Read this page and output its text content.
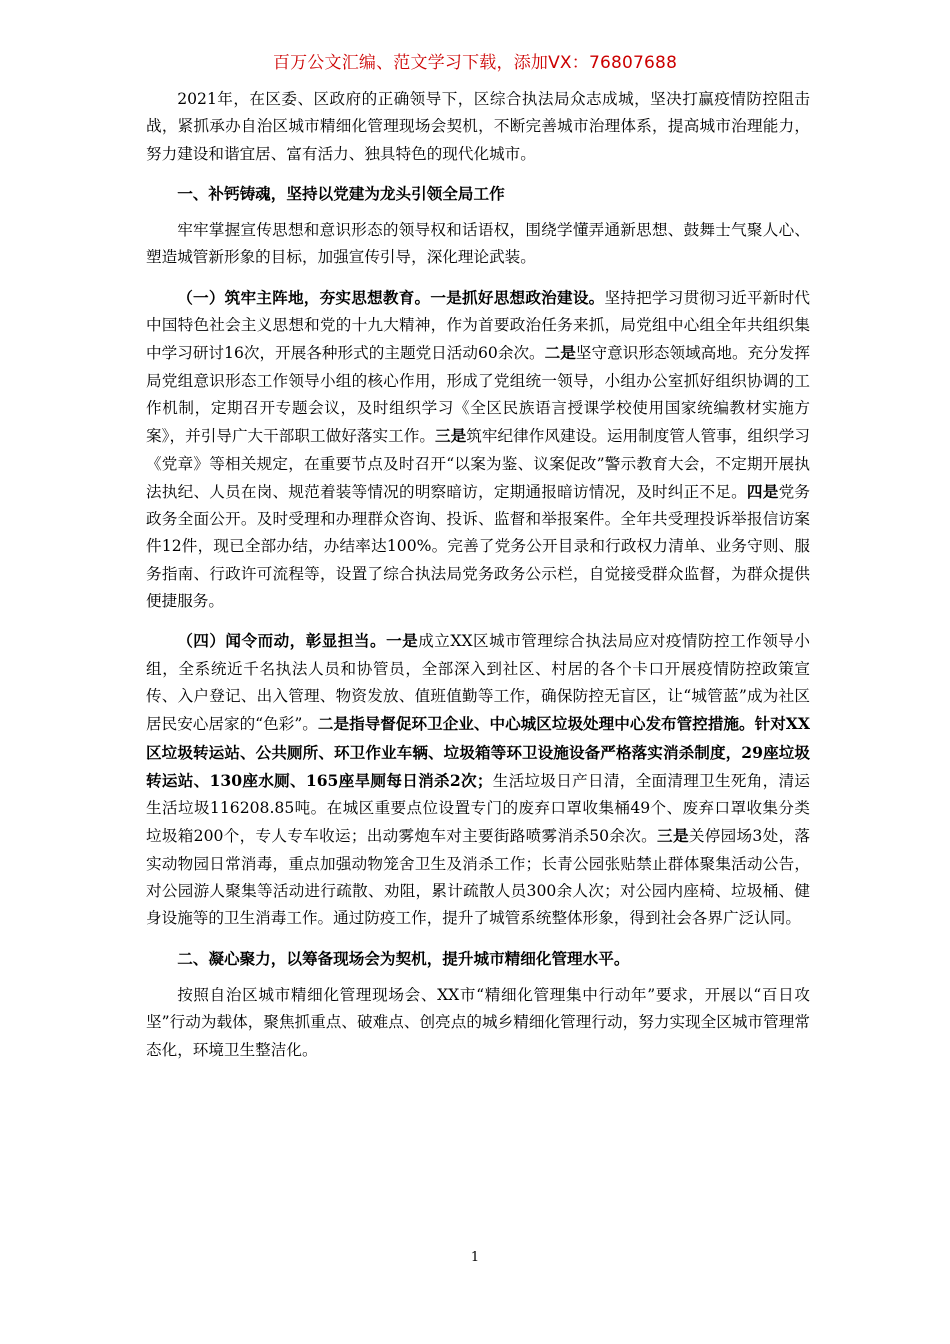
百万公文汇编、范文学习下载，添加VX：76807688

2021年，在区委、区政府的正确领导下，区综合执法局众志成城，坚决打赢疫情防控阻击战，紧抓承办自治区城市精细化管理现场会契机，不断完善城市治理体系，提高城市治理能力，努力建设和谐宜居、富有活力、独具特色的现代化城市。

一、补钙铸魂，坚持以党建为龙头引领全局工作

牢牢掌握宣传思想和意识形态的领导权和话语权，围绕学懂弄通新思想、鼓舞士气聚人心、塑造城管新形象的目标，加强宣传引导，深化理论武装。

（一）筑牢主阵地，夯实思想教育。一是抓好思想政治建设。坚持把学习贯彻习近平新时代中国特色社会主义思想和党的十九大精神，作为首要政治任务来抓，局党组中心组全年共组织集中学习研讨16次，开展各种形式的主题党日活动60余次。二是坚守意识形态领域高地。充分发挥局党组意识形态工作领导小组的核心作用，形成了党组统一领导，小组办公室抓好组织协调的工作机制，定期召开专题会议，及时组织学习《全区民族语言授课学校使用国家统编教材实施方案》，并引导广大干部职工做好落实工作。三是筑牢纪律作风建设。运用制度管人管事，组织学习《党章》等相关规定，在重要节点及时召开“以案为鉴、议案促改”警示教育大会，不定期开展执法执纪、人员在岗、规范着装等情况的明察暗访，定期通报暗访情况，及时纠正不足。四是党务政务全面公开。及时受理和办理群众咨询、投诉、监督和举报案件。全年共受理投诉举报信访案件12件，现已全部办结，办结率达100%。完善了党务公开目录和行政权力清单、业务守则、服务指南、行政许可流程等，设置了综合执法局党务政务公示栏，自觉接受群众监督，为群众提供便捷服务。

（四）闻令而动，彰显担当。一是成立XX区城市管理综合执法局应对疫情防控工作领导小组，全系统近千名执法人员和协管员，全部深入到社区、村居的各个卡口开展疫情防控政策宣传、入户登记、出入管理、物资发放、值班值勤等工作，确保防控无盲区，让“城管蓝”成为社区居民安心居家的“色彩”。二是指导督促环卫企业、中心城区垃圾处理中心发布管控措施。针对XX区垃圾转运站、公共厕所、环卫作业车辆、垃圾箱等环卫设施设备严格落实消杀制度，29座垃圾转运站、130座水厕、165座旱厕每日消杀2次；生活垃圾日产日清，全面清理卫生死角，清运生活垃圾116208.85吨。在城区重要点位设置专门的废弃口罩收集桶49个、废弃口罩收集分类垃圾箱200个，专人专车收运；出动雾炮车对主要街路喷雾消杀50余次。三是关停园场3处，落实动物园日常消毒，重点加强动物笼舍卫生及消杀工作；长青公园张贴禁止群体聚集活动公告，对公园游人聚集等活动进行疏散、劝阻，累计疏散人员300余人次；对公园内座椅、垃圾桶、健身设施等的卫生消毒工作。通过防疫工作，提升了城管系统整体形象，得到社会各界广泛认同。

二、凝心聚力，以筹备现场会为契机，提升城市精细化管理水平。

按照自治区城市精细化管理现场会、XX市“精细化管理集中行动年”要求，开展以“百日攻坚”行动为载体，聚焦抓重点、破难点、创亮点的城乡精细化管理行动，努力实现全区城市管理常态化，环境卫生整洁化。

1
